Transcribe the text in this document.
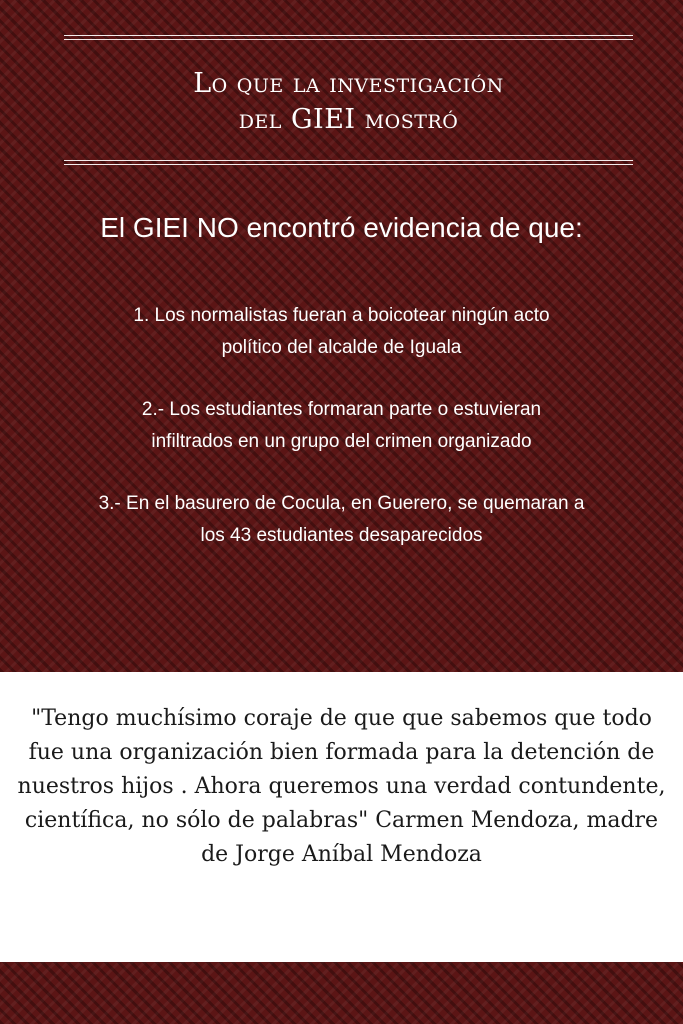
Lo que la investigación
del GIEI mostró
El GIEI NO encontró evidencia de que:
1. Los normalistas fueran a boicotear ningún acto
político del alcalde de Iguala
2.- Los estudiantes formaran parte o estuvieran
infiltrados en un grupo del crimen organizado
3.- En el basurero de Cocula, en Guerero, se quemaran a
los 43 estudiantes desaparecidos
"Tengo muchísimo coraje de que que sabemos que todo fue una organización bien formada para la detención de nuestros hijos . Ahora queremos una verdad contundente, científica, no sólo de palabras" Carmen Mendoza, madre de Jorge Aníbal Mendoza
